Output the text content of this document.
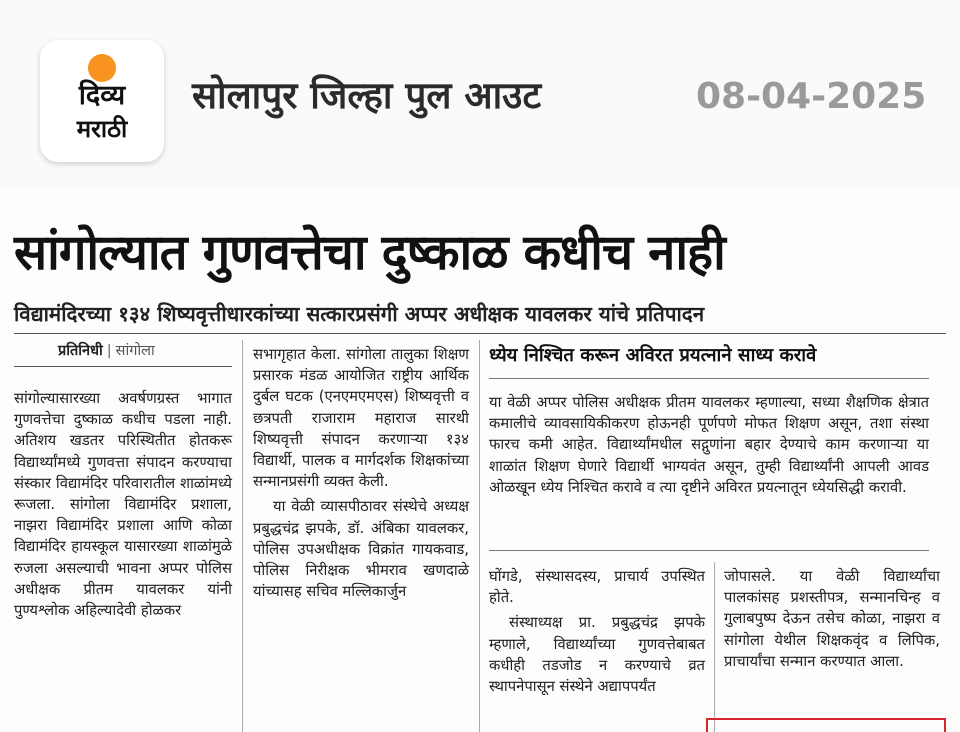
दिव्य
मराठी
सोलापुर जिल्हा पुल आउट	08-04-2025
सांगोल्यात गुणवत्तेचा दुष्काळ कधीच नाही
विद्यामंदिरच्या १३४ शिष्यवृत्तीधारकांच्या सत्कारप्रसंगी अप्पर अधीक्षक यावलकर यांचे प्रतिपादन
प्रतिनिधी | सांगोला

सांगोल्यासारख्या अवर्षणग्रस्त भागात गुणवत्तेचा दुष्काळ कधीच पडला नाही. अतिशय खडतर परिस्थितीत होतकरू विद्यार्थ्यांमध्ये गुणवत्ता संपादन करण्याचा संस्कार विद्यामंदिर परिवारातील शाळांमध्ये रूजला. सांगोला विद्यामंदिर प्रशाला, नाझरा विद्यामंदिर प्रशाला आणि कोळा विद्यामंदिर हायस्कूल यासारख्या शाळांमुळे रुजला असल्याची भावना अप्पर पोलिस अधीक्षक प्रीतम यावलकर यांनी पुण्यश्लोक अहिल्यादेवी होळकर

सभागृहात केला. सांगोला तालुका शिक्षण प्रसारक मंडळ आयोजित राष्ट्रीय आर्थिक दुर्बल घटक (एनएमएमएस) शिष्यवृत्ती व छत्रपती राजाराम महाराज सारथी शिष्यवृत्ती संपादन करणाऱ्या १३४ विद्यार्थी, पालक व मार्गदर्शक शिक्षकांच्या सन्मानप्रसंगी व्यक्त केली.

या वेळी व्यासपीठावर संस्थेचे अध्यक्ष प्रबुद्धचंद्र झपके, डॉ. अंबिका यावलकर, पोलिस उपअधीक्षक विक्रांत गायकवाड, पोलिस निरीक्षक भीमराव खणदाळे यांच्यासह सचिव मल्लिकार्जुन

ध्येय निश्चित करून अविरत प्रयत्नाने साध्य करावे

या वेळी अप्पर पोलिस अधीक्षक प्रीतम यावलकर म्हणाल्या, सध्या शैक्षणिक क्षेत्रात कमालीचे व्यावसायिकीकरण होऊनही पूर्णपणे मोफत शिक्षण असून, तशा संस्था फारच कमी आहेत. विद्यार्थ्यांमधील सद्गुणांना बहार देण्याचे काम करणाऱ्या या शाळांत शिक्षण घेणारे विद्यार्थी भाग्यवंत असून, तुम्ही विद्यार्थ्यांनी आपली आवड ओळखून ध्येय निश्चित करावे व त्या दृष्टीने अविरत प्रयत्नातून ध्येयसिद्धी करावी.

घोंगडे, संस्थासदस्य, प्राचार्य उपस्थित होते.

संस्थाध्यक्ष प्रा. प्रबुद्धचंद्र झपके म्हणाले, विद्यार्थ्यांच्या गुणवत्तेबाबत कधीही तडजोड न करण्याचे व्रत स्थापनेपासून संस्थेने अद्यापपर्यंत

जोपासले. या वेळी विद्यार्थ्यांचा पालकांसह प्रशस्तीपत्र, सन्मानचिन्ह व गुलाबपुष्प देऊन तसेच कोळा, नाझरा व सांगोला येथील शिक्षकवृंद व लिपिक, प्राचार्यांचा सन्मान करण्यात आला.
